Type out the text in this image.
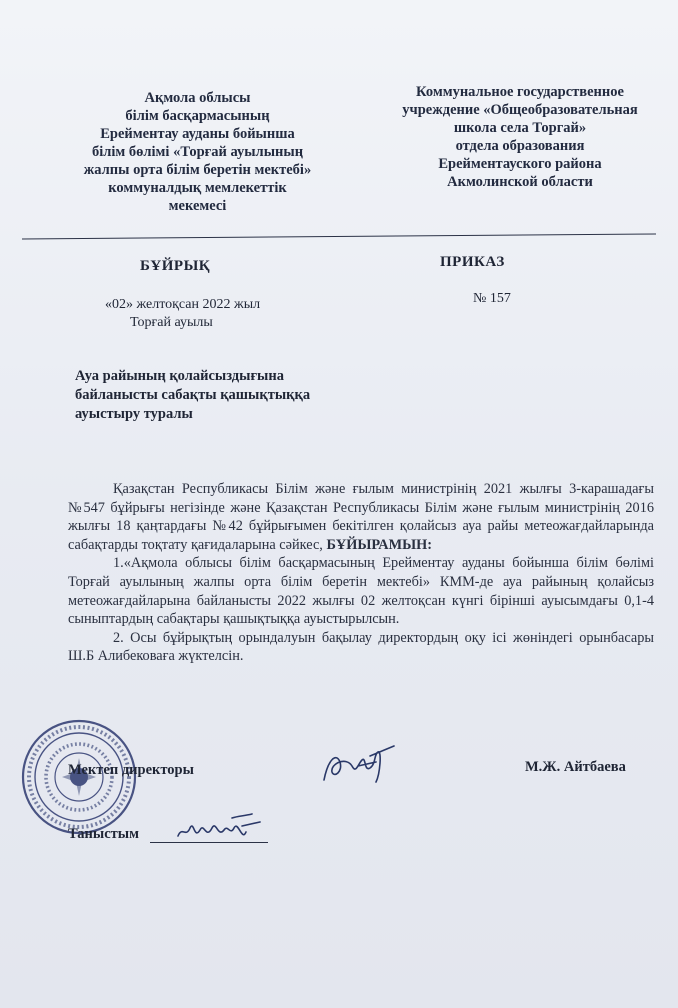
Ақмола облысы
білім басқармасының
Ерейментау ауданы бойынша
білім бөлімі «Торғай ауылының
жалпы орта білім беретін мектебі»
коммуналдық мемлекеттік
мекемесі
Коммунальное государственное
учреждение «Общеобразовательная
школа села Торгай»
отдела образования
Ерейментауского района
Акмолинской области
БҰЙРЫҚ	ПРИКАЗ
«02» желтоқсан 2022 жыл
Торғай ауылы
№ 157
Ауа райының қолайсыздығына
байланысты сабақты қашықтыққа
ауыстыру туралы

Қазақстан Республикасы Білім және ғылым министрінің 2021 жылғы 3-карашадағы №547 бұйрығы негізінде және Қазақстан Республикасы Білім және ғылым министрінің 2016 жылғы 18 қаңтардағы №42 бұйрығымен бекітілген қолайсыз ауа райы метеожағдайларында сабақтарды тоқтату қағидаларына сәйкес, БҰЙЫРАМЫН:

1.«Ақмола облысы білім басқармасының Ерейментау ауданы бойынша білім бөлімі Торғай ауылының жалпы орта білім беретін мектебі» КММ-де ауа райының қолайсыз метеожағдайларына байланысты 2022 жылғы 02 желтоқсан күнгі бірінші ауысымдағы 0,1-4 сыныптардың сабақтары қашықтыққа ауыстырылсын.

2. Осы бұйрықтың орындалуын бақылау директордың оқу ісі жөніндегі орынбасары Ш.Б Алибековаға жүктелсін.

Мектеп директоры	М.Ж. Айтбаева
Таныстым
